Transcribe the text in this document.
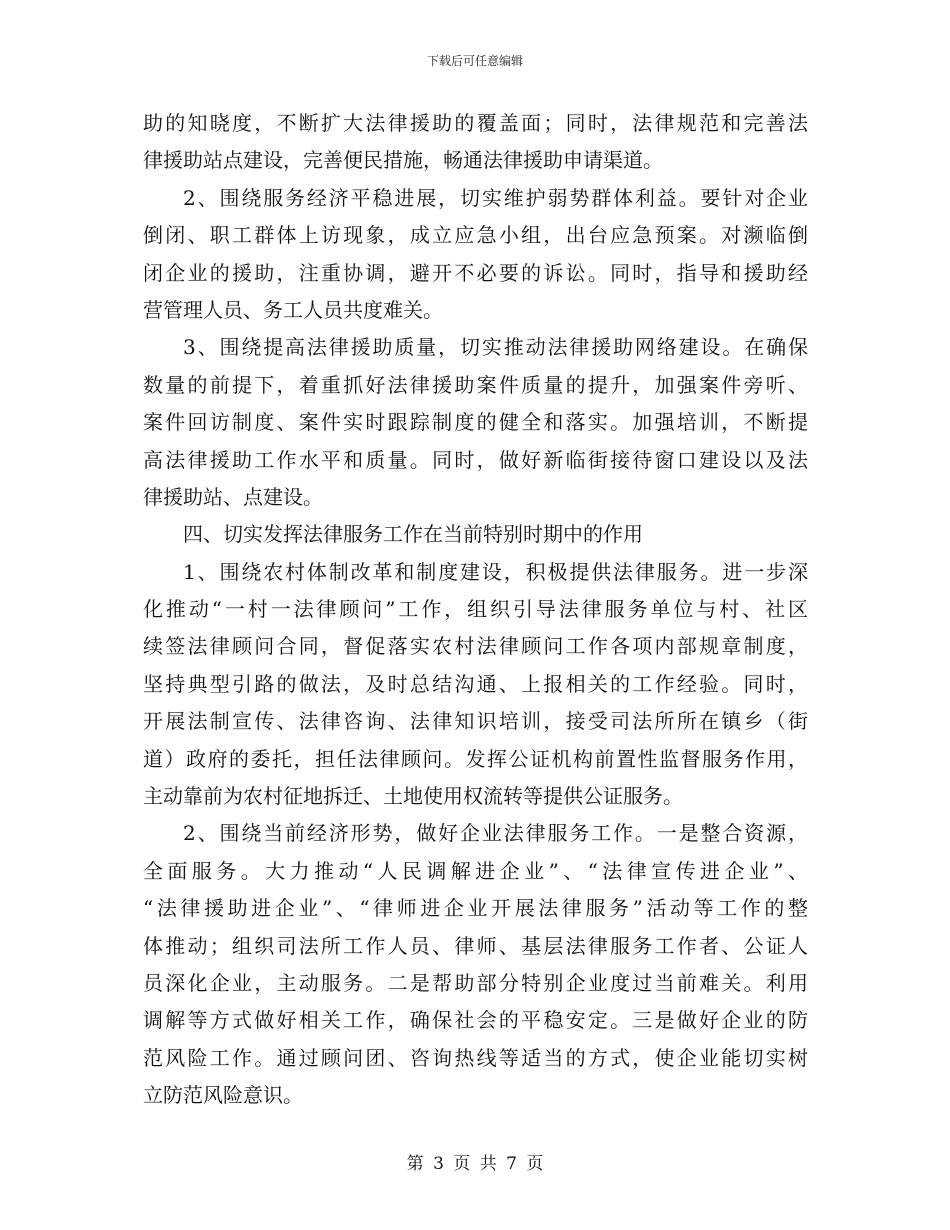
下载后可任意编辑
助的知晓度，不断扩大法律援助的覆盖面；同时，法律规范和完善法
律援助站点建设，完善便民措施，畅通法律援助申请渠道。
2、围绕服务经济平稳进展，切实维护弱势群体利益。要针对企业
倒闭、职工群体上访现象，成立应急小组，出台应急预案。对濒临倒
闭企业的援助，注重协调，避开不必要的诉讼。同时，指导和援助经
营管理人员、务工人员共度难关。
3、围绕提高法律援助质量，切实推动法律援助网络建设。在确保
数量的前提下，着重抓好法律援助案件质量的提升，加强案件旁听、
案件回访制度、案件实时跟踪制度的健全和落实。加强培训，不断提
高法律援助工作水平和质量。同时，做好新临街接待窗口建设以及法
律援助站、点建设。
四、切实发挥法律服务工作在当前特别时期中的作用
1、围绕农村体制改革和制度建设，积极提供法律服务。进一步深
化推动“一村一法律顾问”工作，组织引导法律服务单位与村、社区
续签法律顾问合同，督促落实农村法律顾问工作各项内部规章制度，
坚持典型引路的做法，及时总结沟通、上报相关的工作经验。同时，
开展法制宣传、法律咨询、法律知识培训，接受司法所所在镇乡（街
道）政府的委托，担任法律顾问。发挥公证机构前置性监督服务作用，
主动靠前为农村征地拆迁、土地使用权流转等提供公证服务。
2、围绕当前经济形势，做好企业法律服务工作。一是整合资源，
全面服务。大力推动“人民调解进企业”、“法律宣传进企业”、
“法律援助进企业”、“律师进企业开展法律服务”活动等工作的整
体推动；组织司法所工作人员、律师、基层法律服务工作者、公证人
员深化企业，主动服务。二是帮助部分特别企业度过当前难关。利用
调解等方式做好相关工作，确保社会的平稳安定。三是做好企业的防
范风险工作。通过顾问团、咨询热线等适当的方式，使企业能切实树
立防范风险意识。
第 3 页 共 7 页
